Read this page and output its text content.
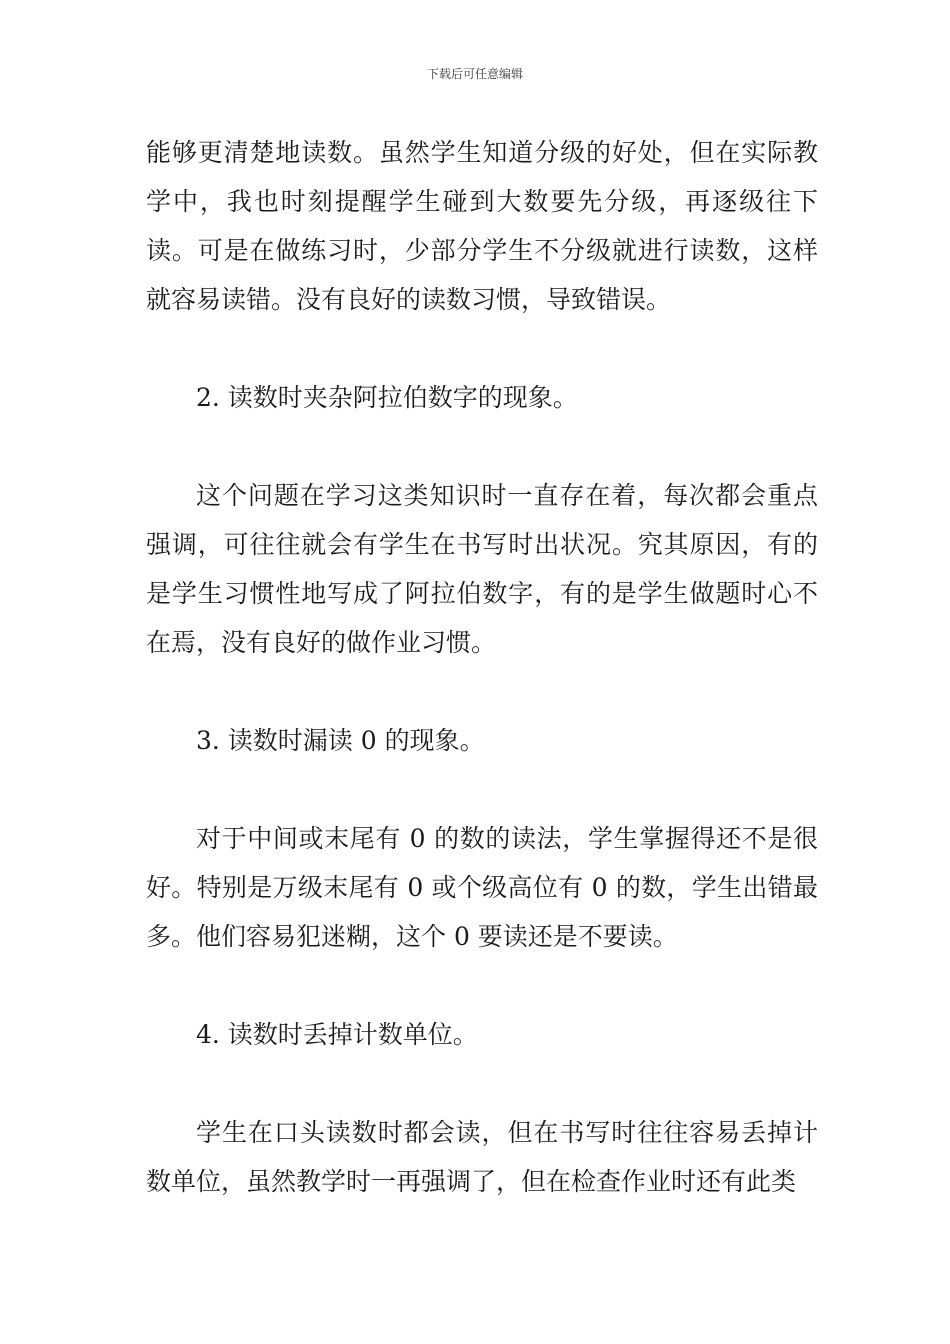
下载后可任意编辑

能够更清楚地读数。虽然学生知道分级的好处，但在实际教学中，我也时刻提醒学生碰到大数要先分级，再逐级往下读。可是在做练习时，少部分学生不分级就进行读数，这样就容易读错。没有良好的读数习惯，导致错误。

2. 读数时夹杂阿拉伯数字的现象。

这个问题在学习这类知识时一直存在着，每次都会重点强调，可往往就会有学生在书写时出状况。究其原因，有的是学生习惯性地写成了阿拉伯数字，有的是学生做题时心不在焉，没有良好的做作业习惯。

3. 读数时漏读 0 的现象。

对于中间或末尾有 0 的数的读法，学生掌握得还不是很好。特别是万级末尾有 0 或个级高位有 0 的数，学生出错最多。他们容易犯迷糊，这个 0 要读还是不要读。

4. 读数时丢掉计数单位。

学生在口头读数时都会读，但在书写时往往容易丢掉计数单位，虽然教学时一再强调了，但在检查作业时还有此类
